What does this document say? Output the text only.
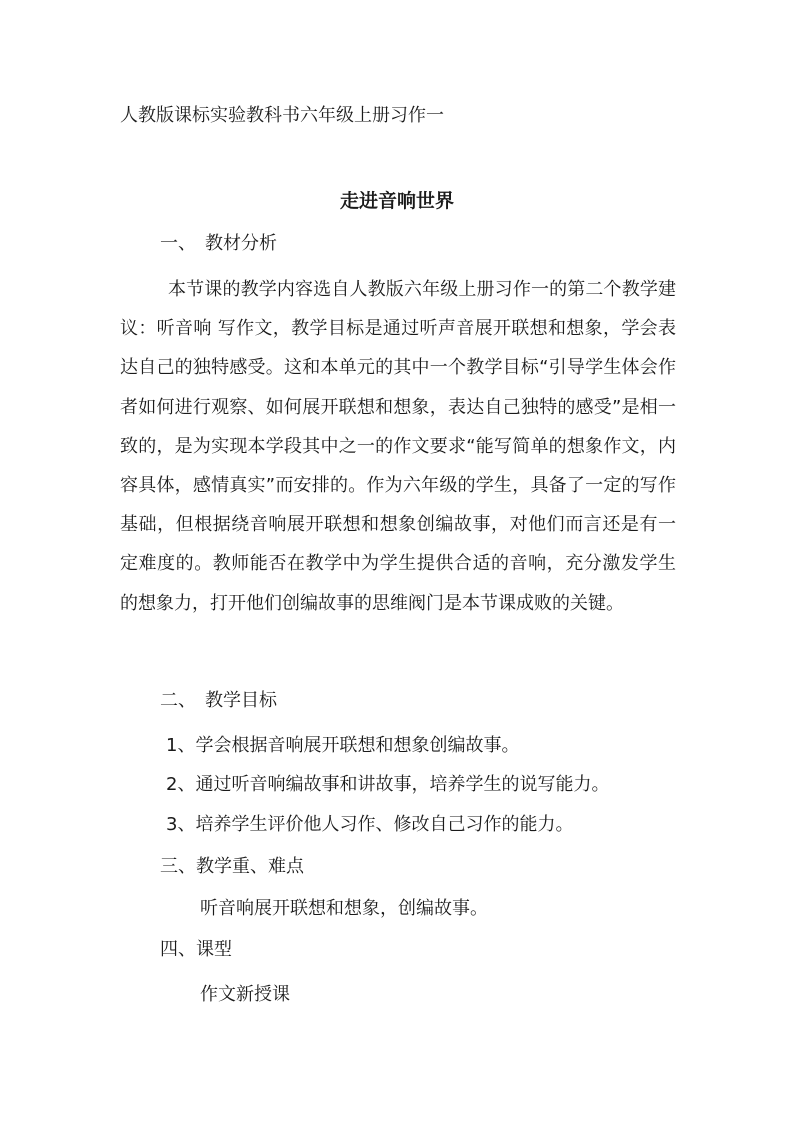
人教版课标实验教科书六年级上册习作一
走进音响世界
一、　教材分析
本节课的教学内容选自人教版六年级上册习作一的第二个教学建议：听音响 写作文，教学目标是通过听声音展开联想和想象，学会表达自己的独特感受。这和本单元的其中一个教学目标“引导学生体会作者如何进行观察、如何展开联想和想象，表达自己独特的感受”是相一致的，是为实现本学段其中之一的作文要求“能写简单的想象作文，内容具体，感情真实”而安排的。作为六年级的学生，具备了一定的写作基础，但根据绕音响展开联想和想象创编故事，对他们而言还是有一定难度的。教师能否在教学中为学生提供合适的音响，充分激发学生的想象力，打开他们创编故事的思维阀门是本节课成败的关键。
二、　教学目标
1、学会根据音响展开联想和想象创编故事。
2、通过听音响编故事和讲故事，培养学生的说写能力。
3、培养学生评价他人习作、修改自己习作的能力。
三、教学重、难点
听音响展开联想和想象，创编故事。
四、课型
作文新授课
